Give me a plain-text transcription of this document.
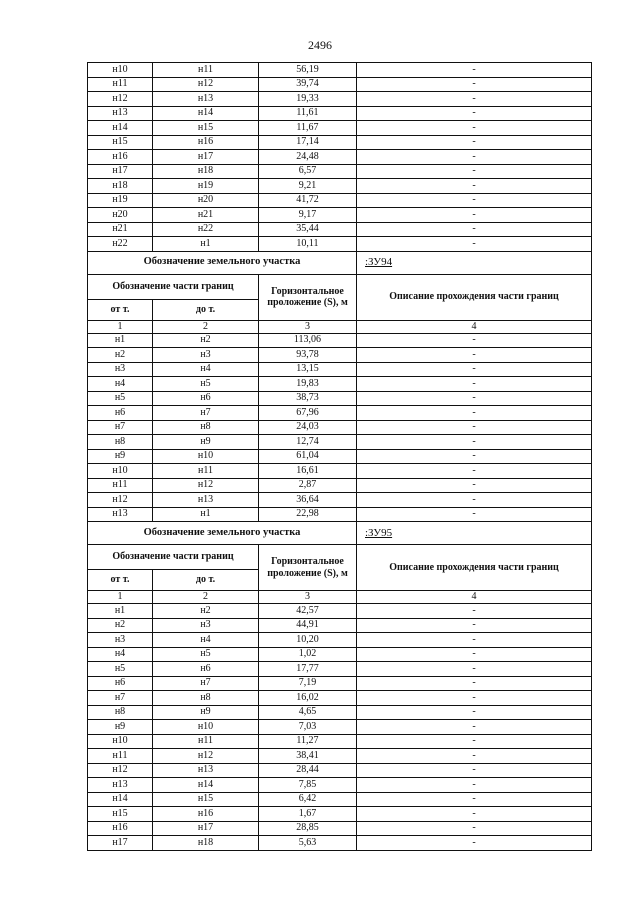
2496
н10	н11	56,19	-
н11	н12	39,74	-
н12	н13	19,33	-
н13	н14	11,61	-
н14	н15	11,67	-
н15	н16	17,14	-
н16	н17	24,48	-
н17	н18	6,57	-
н18	н19	9,21	-
н19	н20	41,72	-
н20	н21	9,17	-
н21	н22	35,44	-
н22	н1	10,11	-
Обозначение земельного участка			:ЗУ94
Обозначение части границ		Горизонтальное проложение (S), м	Описание прохождения части границ
от т.	до т.		
1	2	3	4
н1	н2	113,06	-
н2	н3	93,78	-
н3	н4	13,15	-
н4	н5	19,83	-
н5	н6	38,73	-
н6	н7	67,96	-
н7	н8	24,03	-
н8	н9	12,74	-
н9	н10	61,04	-
н10	н11	16,61	-
н11	н12	2,87	-
н12	н13	36,64	-
н13	н1	22,98	-
Обозначение земельного участка			:ЗУ95
Обозначение части границ		Горизонтальное проложение (S), м	Описание прохождения части границ
от т.	до т.		
1	2	3	4
н1	н2	42,57	-
н2	н3	44,91	-
н3	н4	10,20	-
н4	н5	1,02	-
н5	н6	17,77	-
н6	н7	7,19	-
н7	н8	16,02	-
н8	н9	4,65	-
н9	н10	7,03	-
н10	н11	11,27	-
н11	н12	38,41	-
н12	н13	28,44	-
н13	н14	7,85	-
н14	н15	6,42	-
н15	н16	1,67	-
н16	н17	28,85	-
н17	н18	5,63	-
